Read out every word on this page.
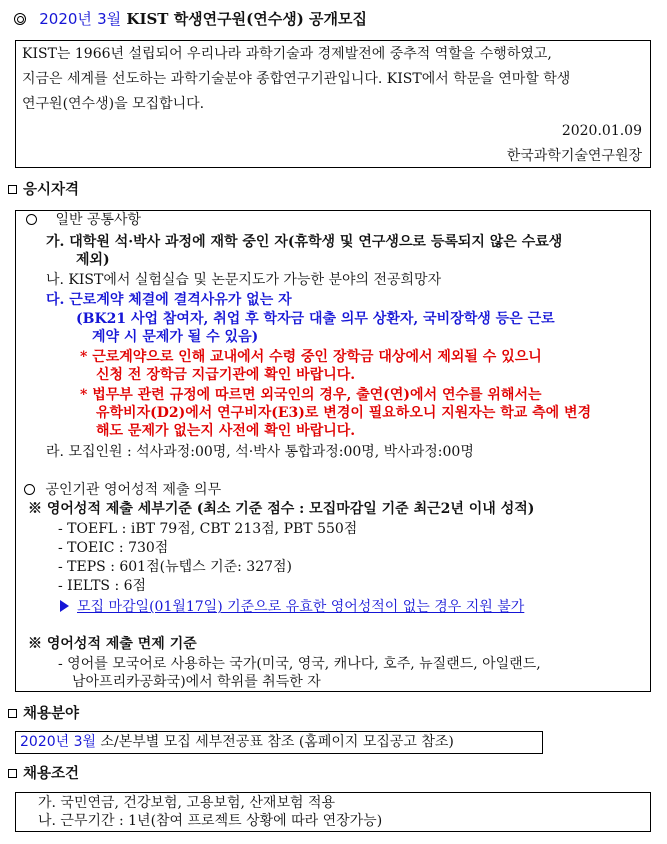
2020년 3월 KIST 학생연구원(연수생) 공개모집
KIST는 1966년 설립되어 우리나라 과학기술과 경제발전에 중추적 역할을 수행하였고,
지금은 세계를 선도하는 과학기술분야 종합연구기관입니다. KIST에서 학문을 연마할 학생
연구원(연수생)을 모집합니다.
2020.01.09
한국과학기술연구원장
응시자격
일반 공통사항
가. 대학원 석·박사 과정에 재학 중인 자(휴학생 및 연구생으로 등록되지 않은 수료생
제외)
나. KIST에서 실험실습 및 논문지도가 가능한 분야의 전공희망자
다. 근로계약 체결에 결격사유가 없는 자
(BK21 사업 참여자, 취업 후 학자금 대출 의무 상환자, 국비장학생 등은 근로
계약 시 문제가 될 수 있음)
* 근로계약으로 인해 교내에서 수령 중인 장학금 대상에서 제외될 수 있으니
신청 전 장학금 지급기관에 확인 바랍니다.
* 법무부 관련 규정에 따르면 외국인의 경우, 출연(연)에서 연수를 위해서는
유학비자(D2)에서 연구비자(E3)로 변경이 필요하오니 지원자는 학교 측에 변경
해도 문제가 없는지 사전에 확인 바랍니다.
라. 모집인원 : 석사과정:00명, 석·박사 통합과정:00명, 박사과정:00명
공인기관 영어성적 제출 의무
※ 영어성적 제출 세부기준 (최소 기준 점수 : 모집마감일 기준 최근2년 이내 성적)
- TOEFL : iBT 79점, CBT 213점, PBT 550점
- TOEIC : 730점
- TEPS : 601점(뉴텝스 기준: 327점)
- IELTS : 6점
모집 마감일(01월17일) 기준으로 유효한 영어성적이 없는 경우 지원 불가
※ 영어성적 제출 면제 기준
- 영어를 모국어로 사용하는 국가(미국, 영국, 캐나다, 호주, 뉴질랜드, 아일랜드,
남아프리카공화국)에서 학위를 취득한 자
채용분야
2020년 3월 소/본부별 모집 세부전공표 참조 (홈페이지 모집공고 참조)
채용조건
가. 국민연금, 건강보험, 고용보험, 산재보험 적용
나. 근무기간 : 1년(참여 프로젝트 상황에 따라 연장가능)
